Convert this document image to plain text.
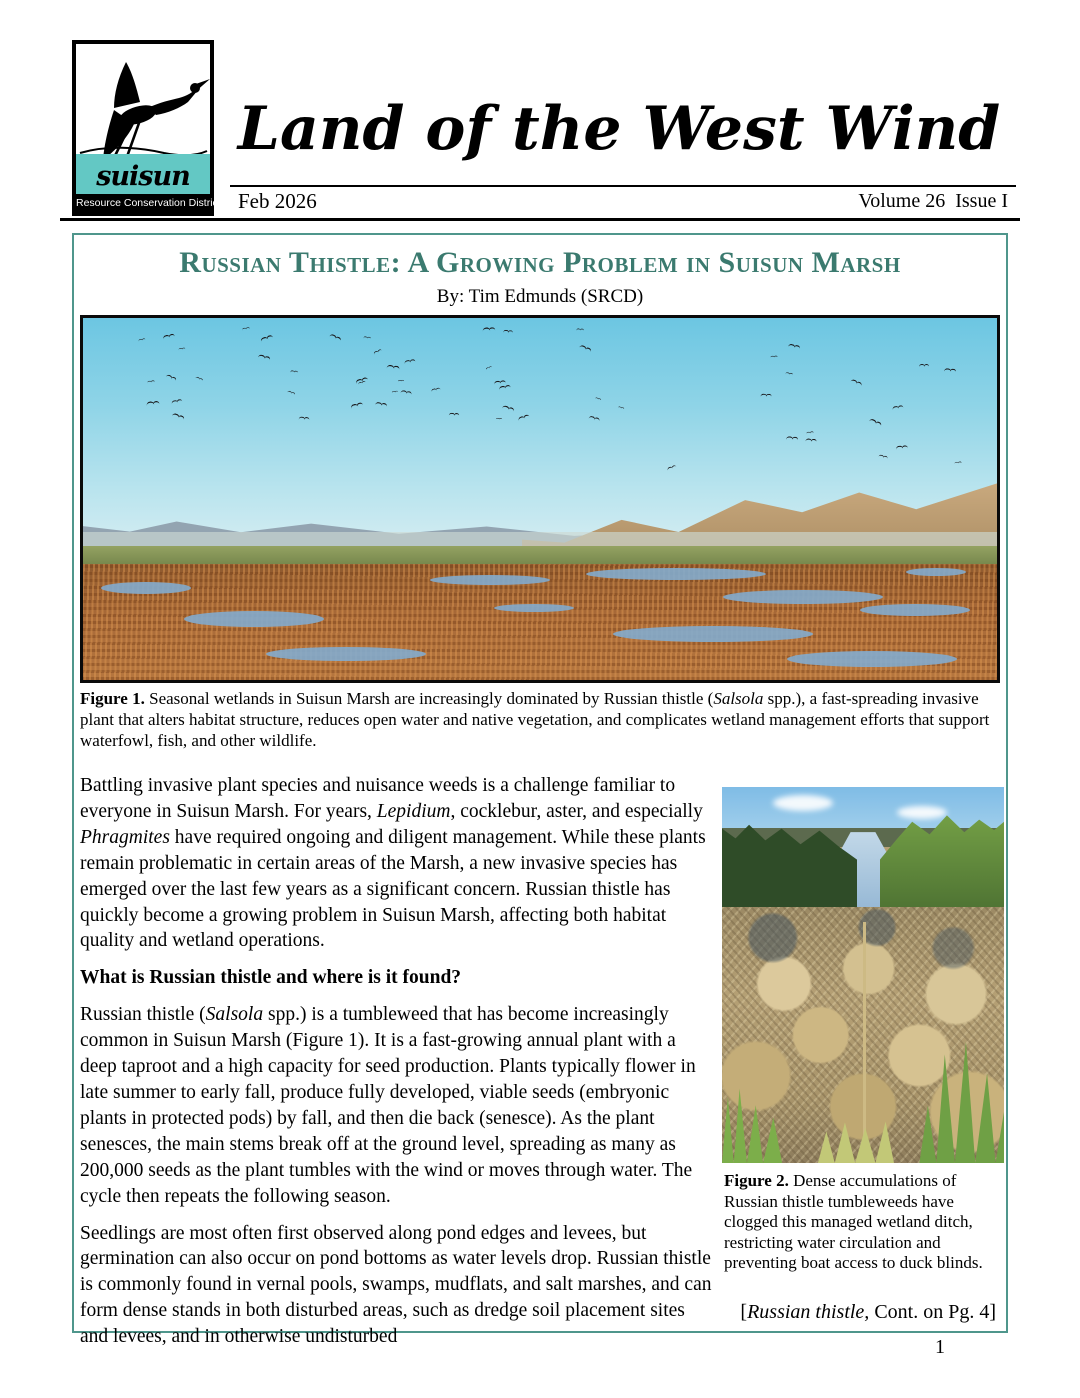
suisun
Resource Conservation District
Land of the West Wind
Feb 2026	Volume 26  Issue I
Russian Thistle: A Growing Problem in Suisun Marsh
By: Tim Edmunds (SRCD)
Figure 1. Seasonal wetlands in Suisun Marsh are increasingly dominated by Russian thistle (Salsola spp.), a fast-spreading invasive plant that alters habitat structure, reduces open water and native vegetation, and complicates wetland management efforts that support waterfowl, fish, and other wildlife.

Battling invasive plant species and nuisance weeds is a challenge familiar to everyone in Suisun Marsh. For years, Lepidium, cocklebur, aster, and especially Phragmites have required ongoing and diligent management. While these plants remain problematic in certain areas of the Marsh, a new invasive species has emerged over the last few years as a significant concern. Russian thistle has quickly become a growing problem in Suisun Marsh, affecting both habitat quality and wetland operations.

What is Russian thistle and where is it found?

Russian thistle (Salsola spp.) is a tumbleweed that has become increasingly common in Suisun Marsh (Figure 1). It is a fast-growing annual plant with a deep taproot and a high capacity for seed production. Plants typically flower in late summer to early fall, produce fully developed, viable seeds (embryonic plants in protected pods) by fall, and then die back (senesce). As the plant senesces, the main stems break off at the ground level, spreading as many as 200,000 seeds as the plant tumbles with the wind or moves through water. The cycle then repeats the following season.

Seedlings are most often first observed along pond edges and levees, but germination can also occur on pond bottoms as water levels drop. Russian thistle is commonly found in vernal pools, swamps, mudflats, and salt marshes, and can form dense stands in both disturbed areas, such as dredge soil placement sites and levees, and in otherwise undisturbed

Figure 2. Dense accumulations of Russian thistle tumbleweeds have clogged this managed wetland ditch, restricting water circulation and preventing boat access to duck blinds.
[Russian thistle, Cont. on Pg. 4]
1
